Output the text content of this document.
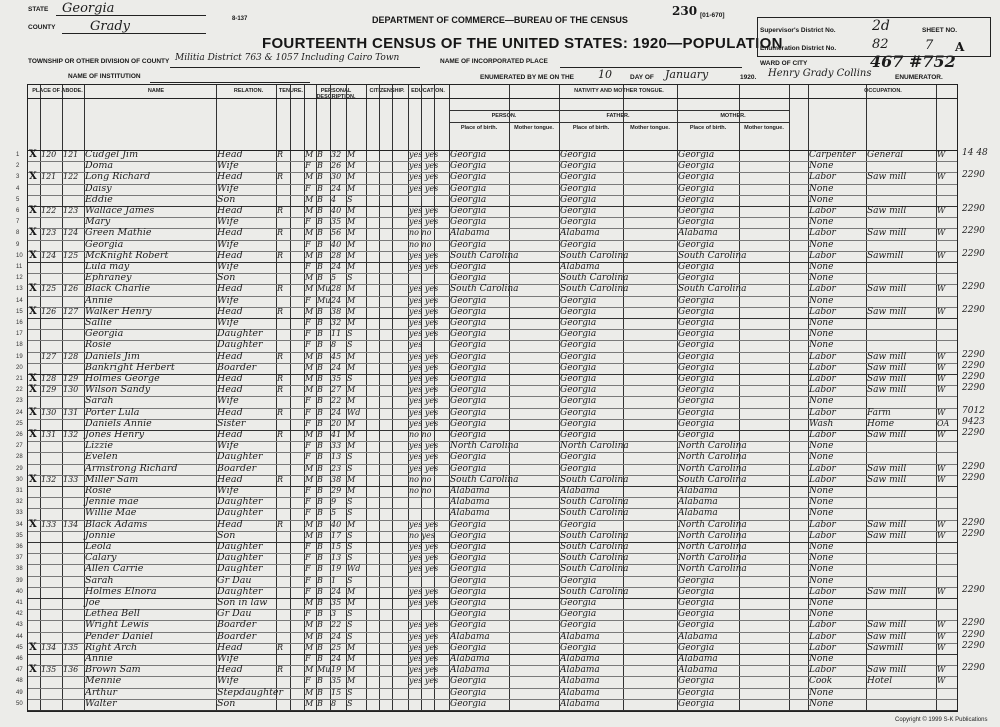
STATE Georgia
COUNTY	Grady
TOWNSHIP OR OTHER DIVISION OF COUNTY Militia District 763 & 1057 Including Cairo Town
NAME OF INSTITUTION
8-137	DEPARTMENT OF COMMERCE—BUREAU OF THE CENSUS
FOURTEENTH CENSUS OF THE UNITED STATES: 1920—POPULATION
230 [01-670]
NAME OF INCORPORATED PLACE
ENUMERATED BY ME ON THE 10	DAY OF January	1920. Henry Grady Collins	ENUMERATOR.
Supervisor's District No.	2d	SHEET NO.
Enumeration District No.	82	7 A
WARD OF CITY	467 #752
PLACE OF ABODE.	NAME	RELATION.	TENURE.	PERSONAL DESCRIPTION.
CITIZENSHIP.	EDUCATION.	NATIVITY AND MOTHER TONGUE.	OCCUPATION.
PERSON.	FATHER.	MOTHER.
Place of birth.	Mother tongue.	Place of birth.	Mother tongue.	Place of birth.	Mother tongue.
1 X 120 121 Cudgel Jim	Head	R	M B	32 M	yes yes	Georgia	Georgia	Georgia	Carpenter	General	W
2	Doma	Wife	F B	26 M	yes yes	Georgia	Georgia	Georgia	None
3 X 121 122 Long Richard	Head	R	M B	30 M	yes yes	Georgia	Georgia	Georgia	Labor	Saw mill	W
4	Daisy	Wife	F B	24 M	yes yes	Georgia	Georgia	Georgia	None
5	Eddie	Son	M B	4	S	Georgia	Georgia	Georgia	None
6 X 122 123 Wallace James	Head	R	M B	40 M	yes yes	Georgia	Georgia	Georgia	Labor	Saw mill	W
7	Mary	Wife	F B	35 M	yes yes	Georgia	Georgia	Georgia	None
8 X 123 124 Green Mathie	Head	R	M B	56 M	no no	Alabama	Alabama	Alabama	Labor	Saw mill	W
9	Georgia	Wife	F B	40 M	no no	Georgia	Georgia	Georgia	None
10 X 124 125 McKnight Robert	Head	R	M B	28 M	yes yes	South Carolina	South Carolina	South Carolina	Labor	Sawmill	W
11	Lula may	Wife	F B	24 M	yes yes	Georgia	Alabama	Georgia	None
12	Ephraney	Son	M B	5	S	Georgia	South Carolina	Georgia	None
13 X 125 126 Black Charlie	Head	R	M Mu 28 M	yes yes	South Carolina	South Carolina	South Carolina	Labor	Saw mill	W
14	Annie	Wife	F Mu 24 M	yes yes	Georgia	Georgia	Georgia	None
15 X 126 127 Walker Henry	Head	R	M B	38 M	yes yes	Georgia	Georgia	Georgia	Labor	Saw mill	W
16	Sallie	Wife	F B	32 M	yes yes	Georgia	Georgia	Georgia	None
17	Georgia	Daughter	F B	11 S	yes yes	Georgia	Georgia	Georgia	None
18	Rosie	Daughter	F B	8	S	yes	Georgia	Georgia	Georgia	None
19 127 128 Daniels Jim	Head	R	M B	45 M	yes yes	Georgia	Georgia	Georgia	Labor	Saw mill	W
20	Bankright Herbert	Boarder	M B	24 M	yes yes	Georgia	Georgia	Georgia	Labor	Saw mill	W
21 X 128 129 Holmes George	Head	R	M B	35 S	yes yes	Georgia	Georgia	Georgia	Labor	Saw mill	W
22 X 129 130 Wilson Sandy	Head	R	M B	27 M	yes yes	Georgia	Georgia	Georgia	Labor	Saw mill	W
23	Sarah	Wife	F B	22 M	yes yes	Georgia	Georgia	Georgia	None
24 X 130 131 Porter Lula	Head	R	F B	24 Wd	yes yes	Georgia	Georgia	Georgia	Labor	Farm	W
25	Daniels Annie	Sister	F B	20 M	yes yes	Georgia	Georgia	Georgia	Wash	Home	OA
26 X 131 132 Jones Henry	Head	R	M B	41 M	no no	Georgia	Georgia	Georgia	Labor	Saw mill	W
27	Lizzie	Wife	F B	33 M	yes yes	North Carolina	North Carolina	North Carolina	None
28	Evelen	Daughter	F B	13 S	yes yes	Georgia	Georgia	North Carolina	None
29	Armstrong Richard	Boarder	M B	23 S	yes yes	Georgia	Georgia	North Carolina	Labor	Saw mill	W
30 X 132 133 Miller Sam	Head	R	M B	38 M	no no	South Carolina	South Carolina	South Carolina	Labor	Saw mill	W
31	Rosie	Wife	F B	29 M	no no	Alabama	Alabama	Alabama	None
32	Jennie mae	Daughter	F B	9	S	Alabama	South Carolina	Alabama	None
33	Willie Mae	Daughter	F B	5	S	Alabama	South Carolina	Alabama	None
34 X 133 134 Black Adams	Head	R	M B	40 M	yes yes	Georgia	Georgia	North Carolina	Labor	Saw mill	W
35	Jonnie	Son	M B	17 S	no yes	Georgia	South Carolina	North Carolina	Labor	Saw mill	W
36	Leola	Daughter	F B	15 S	yes yes	Georgia	South Carolina	North Carolina	None
37	Calary	Daughter	F B	13 S	yes yes	Georgia	South Carolina	North Carolina	None
38	Allen Carrie	Daughter	F B	19 Wd	yes yes	Georgia	South Carolina	North Carolina	None
39	Sarah	Gr Dau	F B	1	S	Georgia	Georgia	Georgia	None
40	Holmes Elnora	Daughter	F B	24 M	yes yes	Georgia	South Carolina	Georgia	Labor	Saw mill	W
41	Joe	Son in law	M B	35 M	yes yes	Georgia	Georgia	Georgia	None
42	Lethea Bell	Gr Dau	F B	3	S	Georgia	Georgia	Georgia	None
43	Wright Lewis	Boarder	M B	22 S	yes yes	Georgia	Georgia	Georgia	Labor	Saw mill	W
44	Pender Daniel	Boarder	M B	24 S	yes yes	Alabama	Alabama	Alabama	Labor	Saw mill	W
45 X 134 135 Right Arch	Head	R	M B	25 M	yes yes	Georgia	Georgia	Georgia	Labor	Sawmill	W
46	Annie	Wife	F B	24 M	yes yes	Alabama	Alabama	Alabama	None
47 X 135 136 Brown Sam	Head	R	M Mu 19 M	yes yes	Alabama	Alabama	Alabama	Labor	Saw mill	W
48	Mennie	Wife	F B	35 M	yes yes	Georgia	Alabama	Georgia	Cook	Hotel	W
49	Arthur	Stepdaughter	M B	15 S	Georgia	Alabama	Georgia	None
50	Walter	Son	M B	8	S	Georgia	Alabama	Georgia	None
14 48
2290
2290
2290
2290
2290
2290
2290
2290
2290
2290
7012
9423
2290
2290
2290
2290
2290
2290
2290
2290
2290
2290
Copyright © 1999 S-K Publications
